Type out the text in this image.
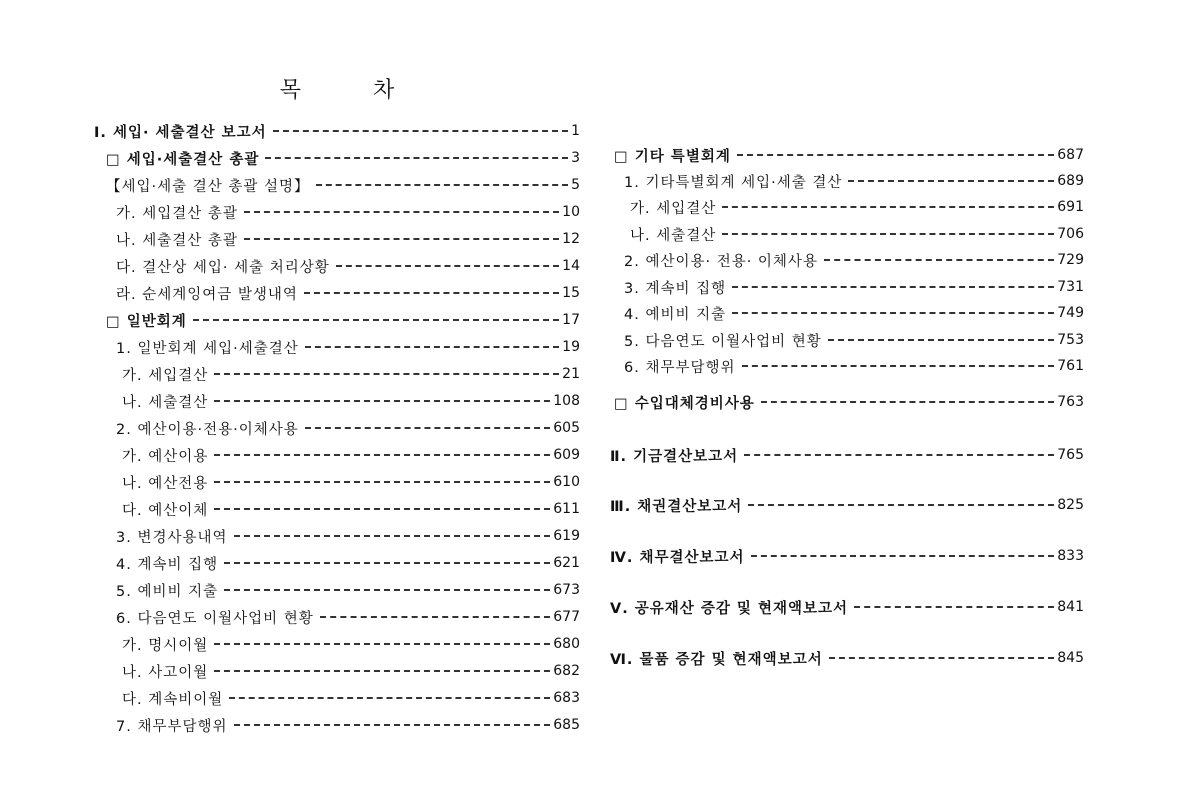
목차
Ⅰ. 세입· 세출결산 보고서	1
□ 세입·세출결산 총괄	3
【세입·세출 결산 총괄 설명】	5
가. 세입결산 총괄	10
나. 세출결산 총괄	12
다. 결산상 세입· 세출 처리상황	14
라. 순세계잉여금 발생내역	15
□ 일반회계	17
1. 일반회계 세입·세출결산	19
가. 세입결산	21
나. 세출결산	108
2. 예산이용·전용·이체사용	605
가. 예산이용	609
나. 예산전용	610
다. 예산이체	611
3. 변경사용내역	619
4. 계속비 집행	621
5. 예비비 지출	673
6. 다음연도 이월사업비 현황	677
가. 명시이월	680
나. 사고이월	682
다. 계속비이월	683
7. 채무부담행위	685
□ 기타 특별회계	687
1. 기타특별회계 세입·세출 결산	689
가. 세입결산	691
나. 세출결산	706
2. 예산이용· 전용· 이체사용	729
3. 계속비 집행	731
4. 예비비 지출	749
5. 다음연도 이월사업비 현황	753
6. 채무부담행위	761
□ 수입대체경비사용	763
Ⅱ. 기금결산보고서	765
Ⅲ. 채권결산보고서	825
Ⅳ. 채무결산보고서	833
Ⅴ. 공유재산 증감 및 현재액보고서	841
Ⅵ. 물품 증감 및 현재액보고서	845
